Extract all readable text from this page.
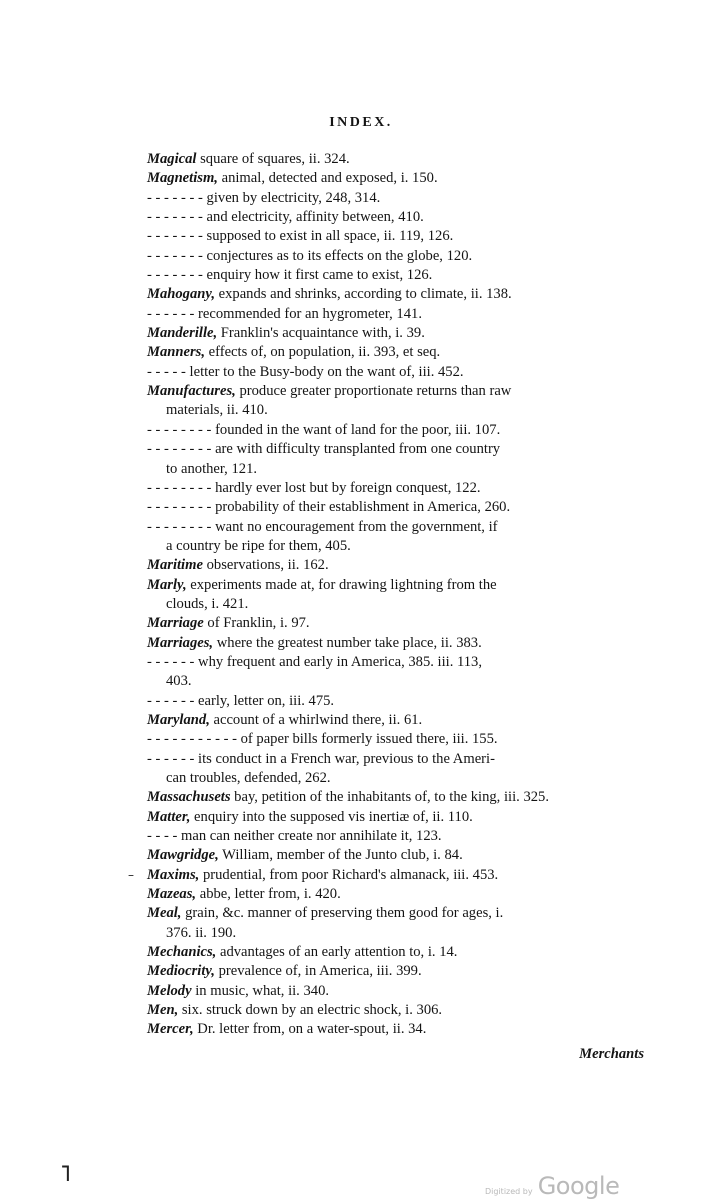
INDEX.
Magical square of squares, ii. 324.
Magnetism, animal, detected and exposed, i. 150.
- - - - - - - given by electricity, 248, 314.
- - - - - - - and electricity, affinity between, 410.
- - - - - - - supposed to exist in all space, ii. 119, 126.
- - - - - - - conjectures as to its effects on the globe, 120.
- - - - - - - enquiry how it first came to exist, 126.
Mahogany, expands and shrinks, according to climate, ii. 138.
- - - - - - recommended for an hygrometer, 141.
Manderille, Franklin's acquaintance with, i. 39.
Manners, effects of, on population, ii. 393, et seq.
- - - - - letter to the Busy-body on the want of, iii. 452.
Manufactures, produce greater proportionate returns than raw
materials, ii. 410.
- - - - - - - - founded in the want of land for the poor, iii. 107.
- - - - - - - - are with difficulty transplanted from one country
to another, 121.
- - - - - - - - hardly ever lost but by foreign conquest, 122.
- - - - - - - - probability of their establishment in America, 260.
- - - - - - - - want no encouragement from the government, if
a country be ripe for them, 405.
Maritime observations, ii. 162.
Marly, experiments made at, for drawing lightning from the
clouds, i. 421.
Marriage of Franklin, i. 97.
Marriages, where the greatest number take place, ii. 383.
- - - - - - why frequent and early in America, 385. iii. 113,
403.
- - - - - - early, letter on, iii. 475.
Maryland, account of a whirlwind there, ii. 61.
- - - - - - - - - - - of paper bills formerly issued there, iii. 155.
- - - - - - its conduct in a French war, previous to the Ameri-
can troubles, defended, 262.
Massachusets bay, petition of the inhabitants of, to the king, iii. 325.
Matter, enquiry into the supposed vis inertiæ of, ii. 110.
- - - - man can neither create nor annihilate it, 123.
Mawgridge, William, member of the Junto club, i. 84.
Maxims, prudential, from poor Richard's almanack, iii. 453.
Mazeas, abbe, letter from, i. 420.
Meal, grain, &c. manner of preserving them good for ages, i.
376. ii. 190.
Mechanics, advantages of an early attention to, i. 14.
Mediocrity, prevalence of, in America, iii. 399.
Melody in music, what, ii. 340.
Men, six. struck down by an electric shock, i. 306.
Mercer, Dr. letter from, on a water-spout, ii. 34.
Merchants
–
˥
Digitized by Google
